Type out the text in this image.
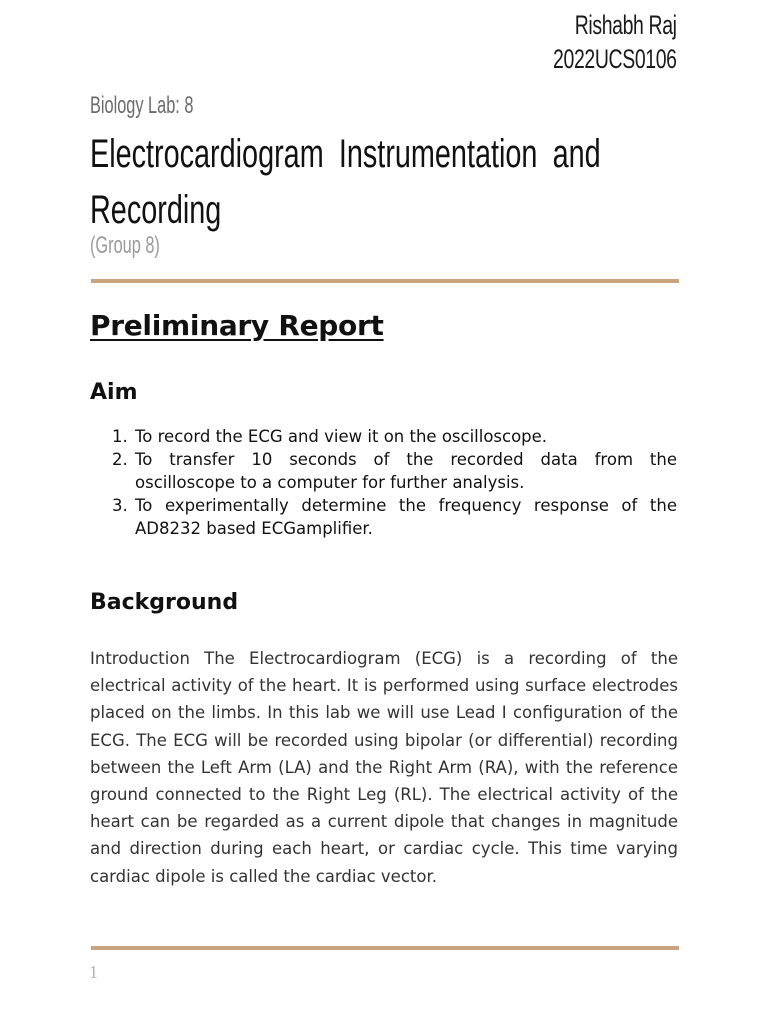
Rishabh Raj
2022UCS0106
Biology Lab: 8
Electrocardiogram Instrumentation and
Recording
(Group 8)
Preliminary Report
Aim
1. To record the ECG and view it on the oscilloscope.
2. To transfer 10 seconds of the recorded data from the oscilloscope to a computer for further analysis.
3. To experimentally determine the frequency response of the AD8232 based ECGamplifier.
Background

Introduction The Electrocardiogram (ECG) is a recording of the electrical activity of the heart. It is performed using surface electrodes placed on the limbs. In this lab we will use Lead I configuration of the ECG. The ECG will be recorded using bipolar (or differential) recording between the Left Arm (LA) and the Right Arm (RA), with the reference ground connected to the Right Leg (RL). The electrical activity of the heart can be regarded as a current dipole that changes in magnitude and direction during each heart, or cardiac cycle. This time varying cardiac dipole is called the cardiac vector.

1
